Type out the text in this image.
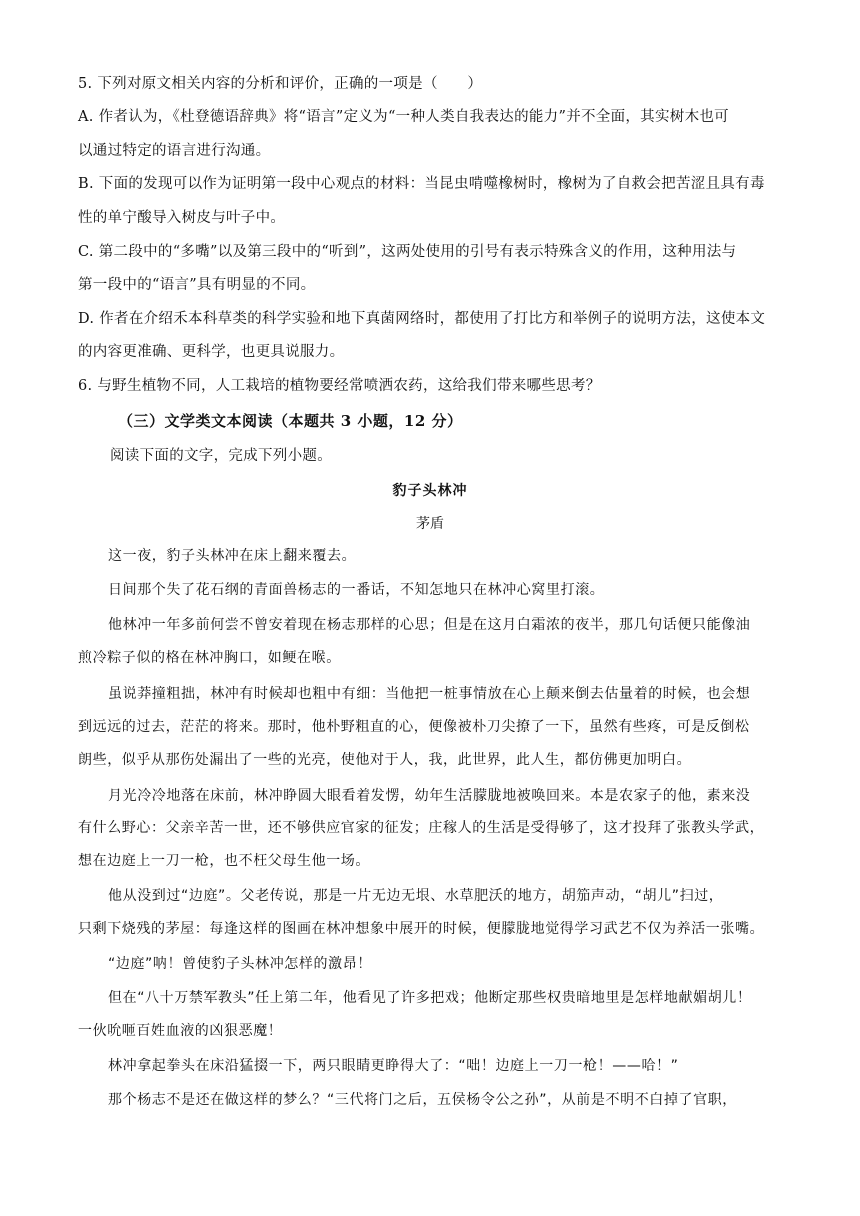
5. 下列对原文相关内容的分析和评价，正确的一项是（　　）
A. 作者认为，《杜登德语辞典》将“语言”定义为“一种人类自我表达的能力”并不全面，其实树木也可
以通过特定的语言进行沟通。
B. 下面的发现可以作为证明第一段中心观点的材料：当昆虫啃噬橡树时，橡树为了自救会把苦涩且具有毒
性的单宁酸导入树皮与叶子中。
C. 第二段中的“多嘴”以及第三段中的“听到”，这两处使用的引号有表示特殊含义的作用，这种用法与
第一段中的“语言”具有明显的不同。
D. 作者在介绍禾本科草类的科学实验和地下真菌网络时，都使用了打比方和举例子的说明方法，这使本文
的内容更准确、更科学，也更具说服力。
6. 与野生植物不同，人工栽培的植物要经常喷洒农药，这给我们带来哪些思考？
（三）文学类文本阅读（本题共 3 小题，12 分）
阅读下面的文字，完成下列小题。
豹子头林冲
茅盾
这一夜，豹子头林冲在床上翻来覆去。
日间那个失了花石纲的青面兽杨志的一番话，不知怎地只在林冲心窝里打滚。
他林冲一年多前何尝不曾安着现在杨志那样的心思；但是在这月白霜浓的夜半，那几句话便只能像油
煎冷粽子似的格在林冲胸口，如鲠在喉。
虽说莽撞粗拙，林冲有时候却也粗中有细：当他把一桩事情放在心上颠来倒去估量着的时候，也会想
到远远的过去，茫茫的将来。那时，他朴野粗直的心，便像被朴刀尖撩了一下，虽然有些疼，可是反倒松
朗些，似乎从那伤处漏出了一些的光亮，使他对于人，我，此世界，此人生，都仿佛更加明白。
月光冷冷地落在床前，林冲睁圆大眼看着发愣，幼年生活朦胧地被唤回来。本是农家子的他，素来没
有什么野心：父亲辛苦一世，还不够供应官家的征发；庄稼人的生活是受得够了，这才投拜了张教头学武，
想在边庭上一刀一枪，也不枉父母生他一场。
他从没到过“边庭”。父老传说，那是一片无边无垠、水草肥沃的地方，胡笳声动，“胡儿”扫过，
只剩下烧残的茅屋：每逢这样的图画在林冲想象中展开的时候，便朦胧地觉得学习武艺不仅为养活一张嘴。
“边庭”呐！曾使豹子头林冲怎样的激昂！
但在“八十万禁军教头”任上第二年，他看见了许多把戏；他断定那些权贵暗地里是怎样地献媚胡儿！
一伙吮咂百姓血液的凶狠恶魔！
林冲拿起拳头在床沿猛掇一下，两只眼睛更睁得大了：“咄！边庭上一刀一枪！——哈！”
那个杨志不是还在做这样的梦么？“三代将门之后，五侯杨令公之孙”，从前是不明不白掉了官职，
